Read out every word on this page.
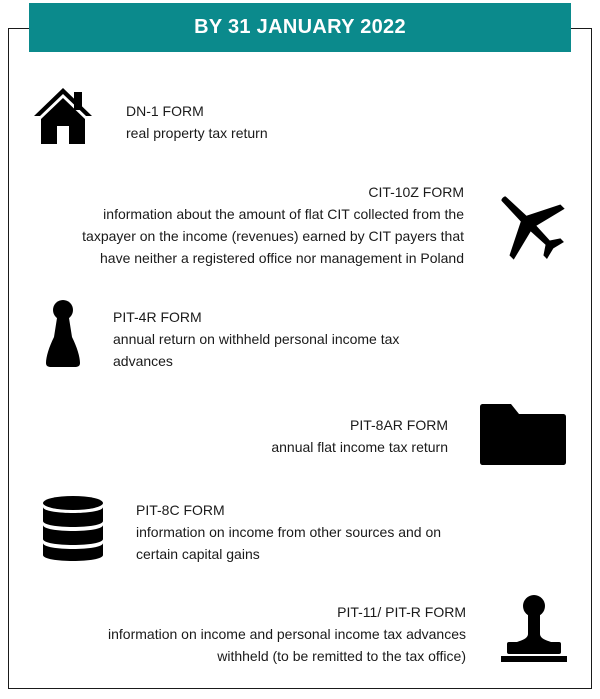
BY 31 JANUARY 2022
DN-1 FORM
real property tax return
CIT-10Z FORM
information about the amount of flat CIT collected from the taxpayer on the income (revenues) earned by CIT payers that have neither a registered office nor management in Poland
PIT-4R FORM
annual return on withheld personal income tax advances
PIT-8AR FORM
annual flat income tax return
PIT-8C FORM
information on income from other sources and on certain capital gains
PIT-11/ PIT-R FORM
information on income and personal income tax advances withheld (to be remitted to the tax office)
